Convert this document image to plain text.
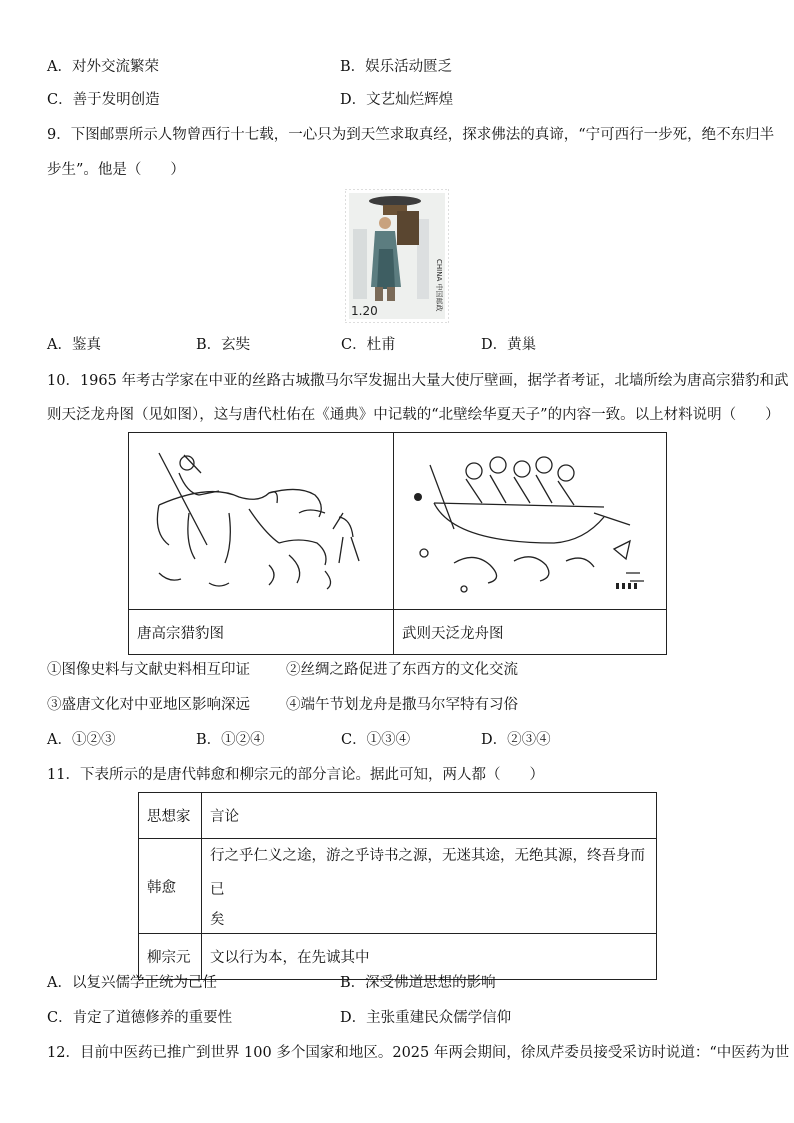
A．对外交流繁荣	B．娱乐活动匮乏
C．善于发明创造	D．文艺灿烂辉煌
9．下图邮票所示人物曾西行十七载，一心只为到天竺求取真经，探求佛法的真谛，“宁可西行一步死，绝不东归半
步生”。他是（　　）
1.20	CHINA 中国邮政
A．鉴真	B．玄奘	C．杜甫	D．黄巢
10．1965 年考古学家在中亚的丝路古城撒马尔罕发掘出大量大使厅壁画，据学者考证，北墙所绘为唐高宗猎豹和武
则天泛龙舟图（见如图），这与唐代杜佑在《通典》中记载的“北壁绘华夏天子”的内容一致。以上材料说明（　　）

唐高宗猎豹图	武则天泛龙舟图
①图像史料与文献史料相互印证 ②丝绸之路促进了东西方的文化交流
③盛唐文化对中亚地区影响深远 ④端午节划龙舟是撒马尔罕特有习俗
A．①②③	B．①②④	C．①③④	D．②③④
11．下表所示的是唐代韩愈和柳宗元的部分言论。据此可知，两人都（　　）
思想家	言论
韩愈	行之乎仁义之途，游之乎诗书之源，无迷其途，无绝其源，终吾身而已
矣

柳宗元	文以行为本，在先诚其中
A．以复兴儒学正统为己任	B．深受佛道思想的影响
C．肯定了道德修养的重要性	D．主张重建民众儒学信仰
12．目前中医药已推广到世界 100 多个国家和地区。2025 年两会期间，徐凤芹委员接受采访时说道：“中医药为世
